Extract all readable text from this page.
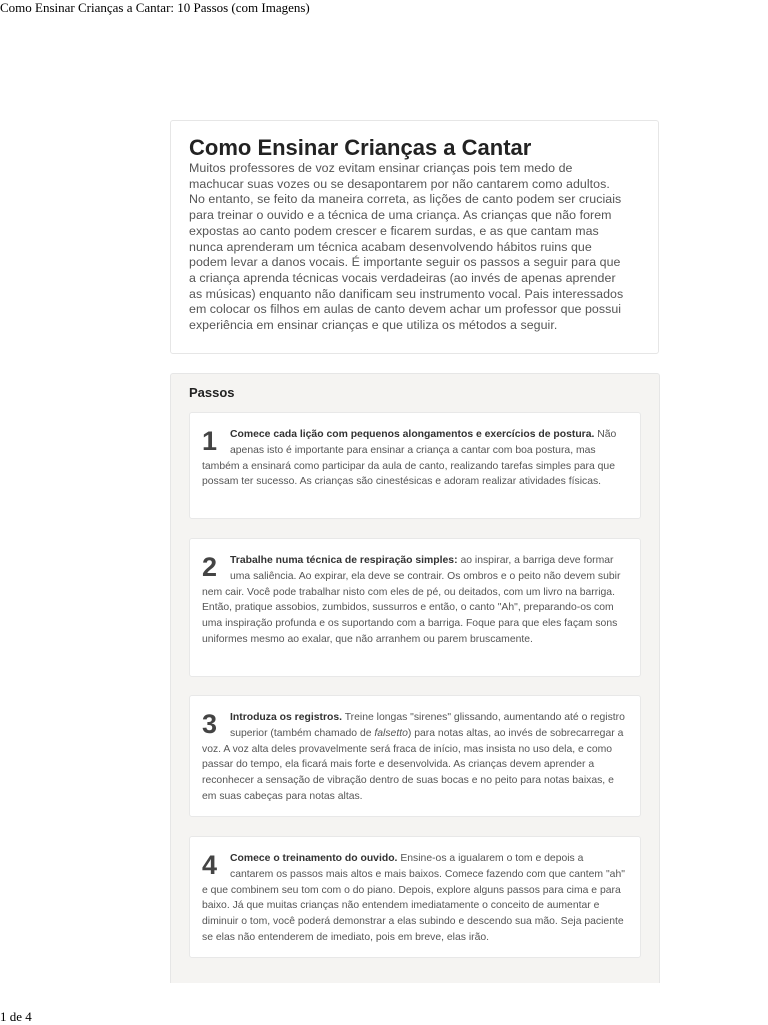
Como Ensinar Crianças a Cantar: 10 Passos (com Imagens)
Como Ensinar Crianças a Cantar

Muitos professores de voz evitam ensinar crianças pois tem medo de
machucar suas vozes ou se desapontarem por não cantarem como adultos.
No entanto, se feito da maneira correta, as lições de canto podem ser cruciais
para treinar o ouvido e a técnica de uma criança. As crianças que não forem
expostas ao canto podem crescer e ficarem surdas, e as que cantam mas
nunca aprenderam um técnica acabam desenvolvendo hábitos ruins que
podem levar a danos vocais. É importante seguir os passos a seguir para que
a criança aprenda técnicas vocais verdadeiras (ao invés de apenas aprender
as músicas) enquanto não danificam seu instrumento vocal. Pais interessados
em colocar os filhos em aulas de canto devem achar um professor que possui
experiência em ensinar crianças e que utiliza os métodos a seguir.

Passos
1	Comece cada lição com pequenos alongamentos e exercícios de postura. Não apenas isto é importante para ensinar a criança a cantar com boa postura, mas também a ensinará como participar da aula de canto, realizando tarefas simples para que possam ter sucesso. As crianças são cinestésicas e adoram realizar atividades físicas.
2	Trabalhe numa técnica de respiração simples: ao inspirar, a barriga deve formar uma saliência. Ao expirar, ela deve se contrair. Os ombros e o peito não devem subir nem cair. Você pode trabalhar nisto com eles de pé, ou deitados, com um livro na barriga. Então, pratique assobios, zumbidos, sussurros e então, o canto "Ah", preparando-os com uma inspiração profunda e os suportando com a barriga. Foque para que eles façam sons uniformes mesmo ao exalar, que não arranhem ou parem bruscamente.
3	Introduza os registros. Treine longas "sirenes" glissando, aumentando até o registro superior (também chamado de falsetto) para notas altas, ao invés de sobrecarregar a voz. A voz alta deles provavelmente será fraca de início, mas insista no uso dela, e como passar do tempo, ela ficará mais forte e desenvolvida. As crianças devem aprender a reconhecer a sensação de vibração dentro de suas bocas e no peito para notas baixas, e em suas cabeças para notas altas.
4	Comece o treinamento do ouvido. Ensine-os a igualarem o tom e depois a cantarem os passos mais altos e mais baixos. Comece fazendo com que cantem "ah" e que combinem seu tom com o do piano. Depois, explore alguns passos para cima e para baixo. Já que muitas crianças não entendem imediatamente o conceito de aumentar e diminuir o tom, você poderá demonstrar a elas subindo e descendo sua mão. Seja paciente se elas não entenderem de imediato, pois em breve, elas irão.
1 de 4
